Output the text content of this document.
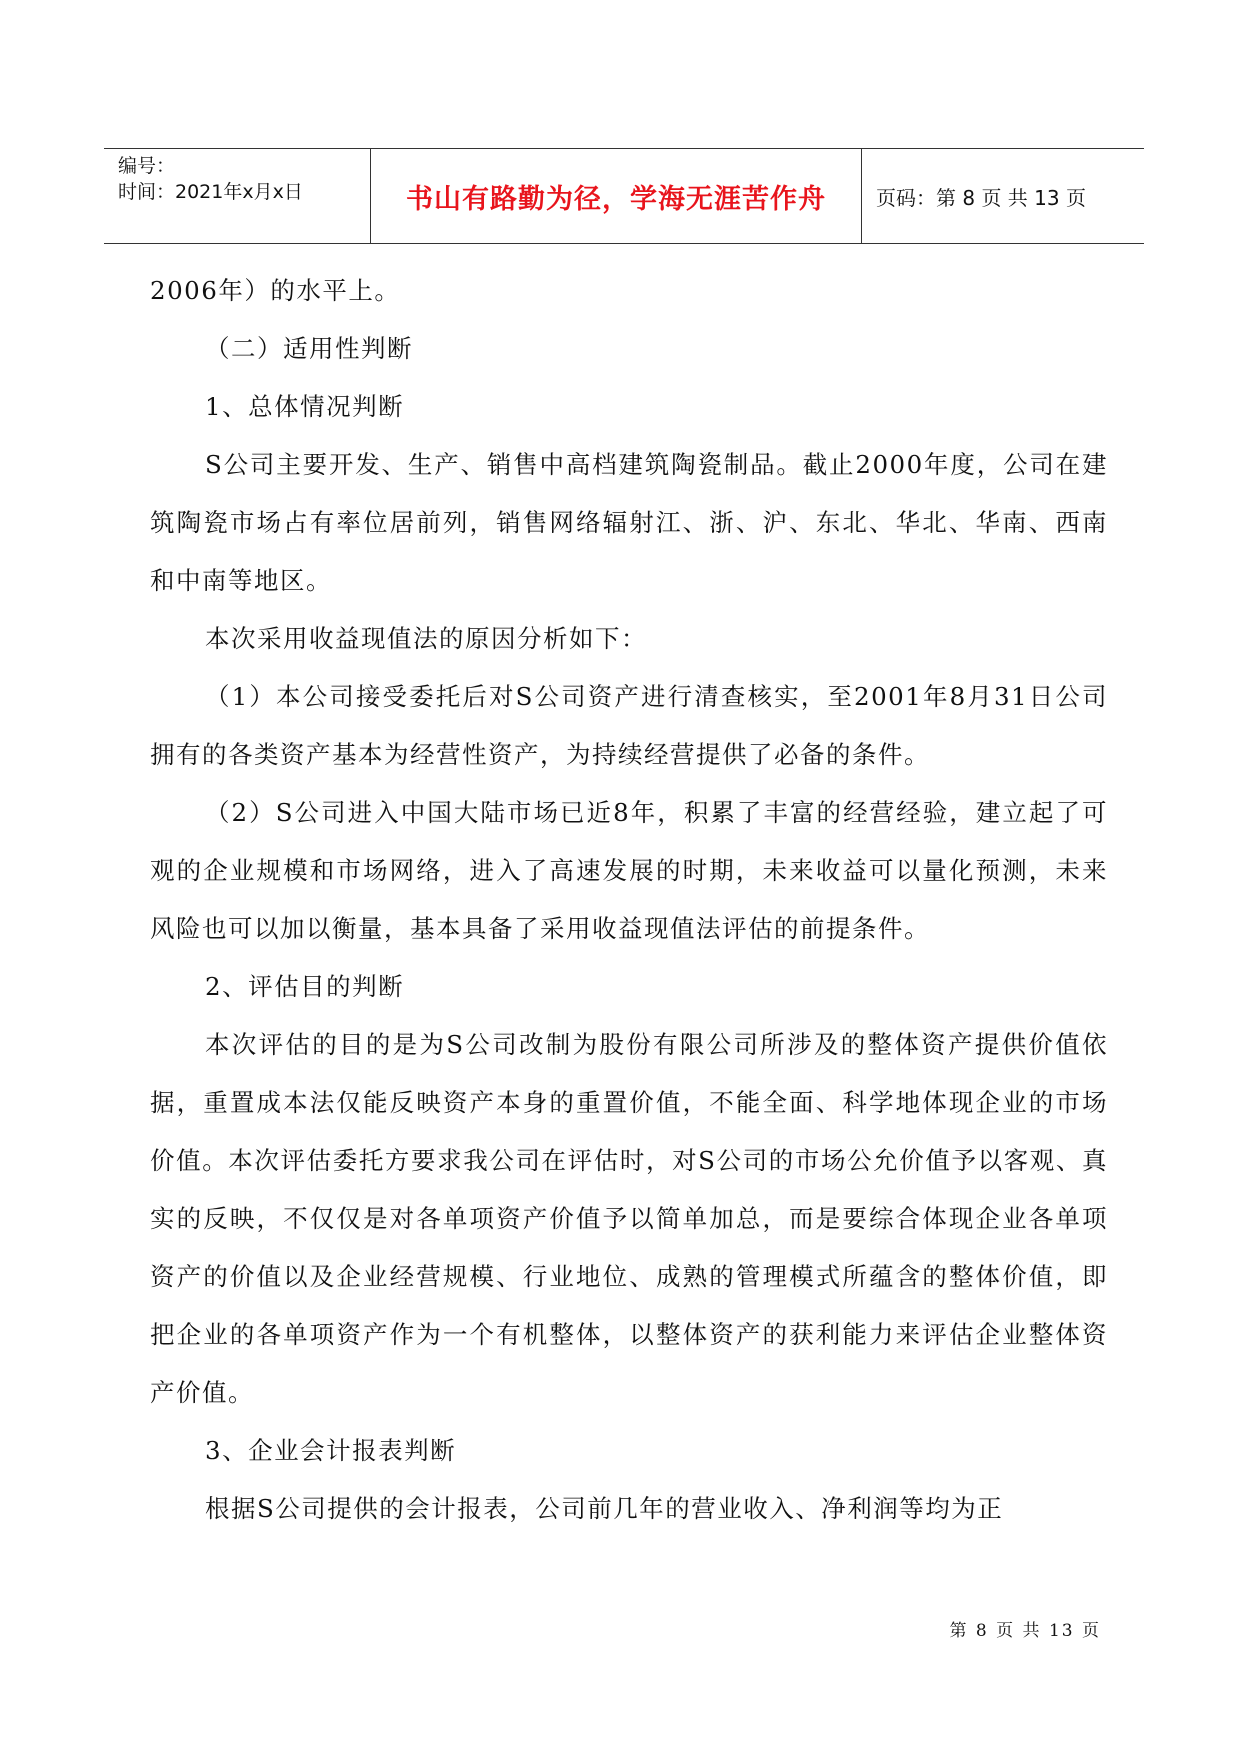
编号：
时间：2021年x月x日	书山有路勤为径，学海无涯苦作舟	页码：第 8 页 共 13 页

2006年）的水平上。

（二）适用性判断

1、总体情况判断

S公司主要开发、生产、销售中高档建筑陶瓷制品。截止2000年度，公司在建筑陶瓷市场占有率位居前列，销售网络辐射江、浙、沪、东北、华北、华南、西南和中南等地区。

本次采用收益现值法的原因分析如下：

（1）本公司接受委托后对S公司资产进行清查核实，至2001年8月31日公司拥有的各类资产基本为经营性资产，为持续经营提供了必备的条件。

（2）S公司进入中国大陆市场已近8年，积累了丰富的经营经验，建立起了可观的企业规模和市场网络，进入了高速发展的时期，未来收益可以量化预测，未来风险也可以加以衡量，基本具备了采用收益现值法评估的前提条件。

2、评估目的判断

本次评估的目的是为S公司改制为股份有限公司所涉及的整体资产提供价值依据，重置成本法仅能反映资产本身的重置价值，不能全面、科学地体现企业的市场价值。本次评估委托方要求我公司在评估时，对S公司的市场公允价值予以客观、真实的反映，不仅仅是对各单项资产价值予以简单加总，而是要综合体现企业各单项资产的价值以及企业经营规模、行业地位、成熟的管理模式所蕴含的整体价值，即把企业的各单项资产作为一个有机整体，以整体资产的获利能力来评估企业整体资产价值。

3、企业会计报表判断

根据S公司提供的会计报表，公司前几年的营业收入、净利润等均为正

第 8 页 共 13 页
